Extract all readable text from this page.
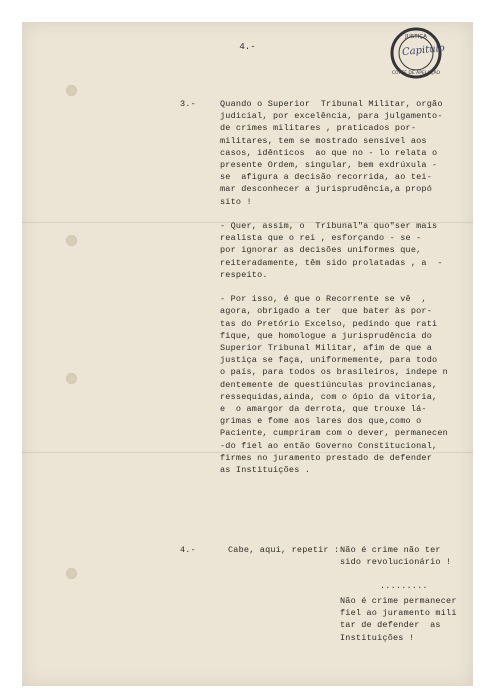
4.-
JUSTIÇA
CORTE DE APELAÇÃO
Capitulo
3.-	Quando o Superior  Tribunal Militar, orgão
judicial, por excelência, para julgamento-
de crimes militares , praticados por-
militares, tem se mostrado sensível aos
casos, idênticos  ao que no - lo relata o
presente Ordem, singular, bem exdrúxula -
se  afigura a decisão recorrida, ao tei-
mar desconhecer a jurisprudência,a propó
sito !
- Quer, assim, o  Tribunal"a quo"ser mais
realista que o rei , esforçando - se -
por ignorar as decisões uniformes que,
reiteradamente, têm sido prolatadas , a  -
respeito.
- Por isso, é que o Recorrente se vê  ,
agora, obrigado a ter  que bater às por-
tas do Pretório Excelso, pedindo que rati
fique, que homologue a jurisprudência do
Superior Tribunal Militar, afim de que a
justiça se faça, uniformemente, para todo
o país, para todos os brasileiros, indepe n
dentemente de questiúnculas provincianas,
ressequidas,ainda, com o ópio da vitoria,
e  o amargor da derrota, que trouxe lá-
grimas e fome aos lares dos que,como o
Paciente, cumpriram com o dever, permanecen
-do fiel ao então Governo Constitucional,
firmes no juramento prestado de defender
as Instituições .
4.-	Cabe, aqui, repetir : Não é crime não ter
sido revolucionário !
.........
Não é crime permanecer
fiel ao juramento mili
tar de defender  as
Instituições !
